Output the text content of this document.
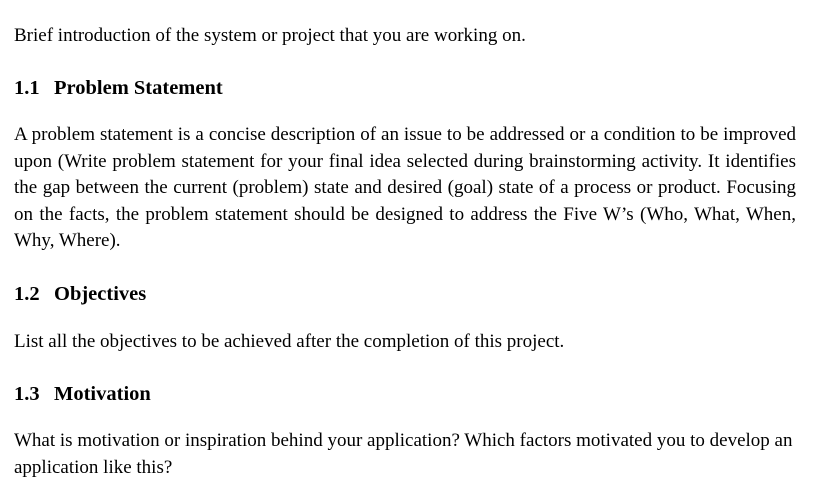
Brief introduction of the system or project that you are working on.

1.1 Problem Statement

A problem statement is a concise description of an issue to be addressed or a condition to be improved upon (Write problem statement for your final idea selected during brainstorming activity. It identifies the gap between the current (problem) state and desired (goal) state of a process or product. Focusing on the facts, the problem statement should be designed to address the Five W’s (Who, What, When, Why, Where).

1.2 Objectives

List all the objectives to be achieved after the completion of this project.

1.3 Motivation

What is motivation or inspiration behind your application? Which factors motivated you to develop an application like this?
